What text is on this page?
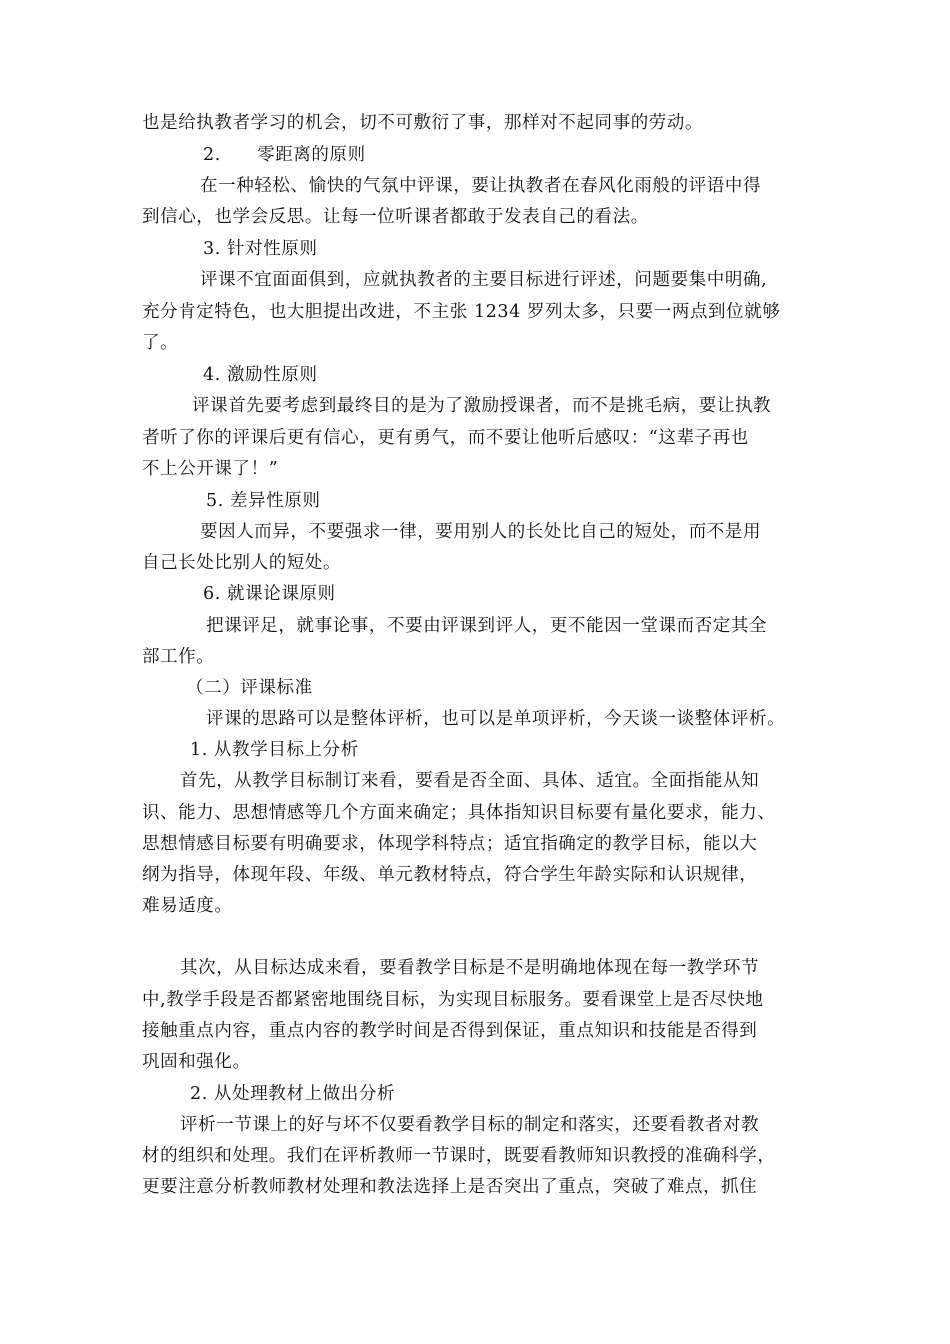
也是给执教者学习的机会，切不可敷衍了事，那样对不起同事的劳动。
2.　　零距离的原则
在一种轻松、愉快的气氛中评课，要让执教者在春风化雨般的评语中得
到信心，也学会反思。让每一位听课者都敢于发表自己的看法。
3. 针对性原则
评课不宜面面俱到，应就执教者的主要目标进行评述，问题要集中明确,
充分肯定特色，也大胆提出改进，不主张 1234 罗列太多，只要一两点到位就够
了。
4. 激励性原则
评课首先要考虑到最终目的是为了激励授课者，而不是挑毛病，要让执教
者听了你的评课后更有信心，更有勇气，而不要让他听后感叹：“这辈子再也
不上公开课了！”
5. 差异性原则
要因人而异，不要强求一律，要用别人的长处比自己的短处，而不是用
自己长处比别人的短处。
6. 就课论课原则
把课评足，就事论事，不要由评课到评人，更不能因一堂课而否定其全
部工作。
（二）评课标准
评课的思路可以是整体评析，也可以是单项评析，今天谈一谈整体评析。
1. 从教学目标上分析
首先，从教学目标制订来看，要看是否全面、具体、适宜。全面指能从知
识、能力、思想情感等几个方面来确定；具体指知识目标要有量化要求，能力、
思想情感目标要有明确要求，体现学科特点；适宜指确定的教学目标，能以大
纲为指导，体现年段、年级、单元教材特点，符合学生年龄实际和认识规律，
难易适度。
其次，从目标达成来看，要看教学目标是不是明确地体现在每一教学环节
中,教学手段是否都紧密地围绕目标，为实现目标服务。要看课堂上是否尽快地
接触重点内容，重点内容的教学时间是否得到保证，重点知识和技能是否得到
巩固和强化。
2. 从处理教材上做出分析
评析一节课上的好与坏不仅要看教学目标的制定和落实，还要看教者对教
材的组织和处理。我们在评析教师一节课时，既要看教师知识教授的准确科学，
更要注意分析教师教材处理和教法选择上是否突出了重点，突破了难点，抓住
